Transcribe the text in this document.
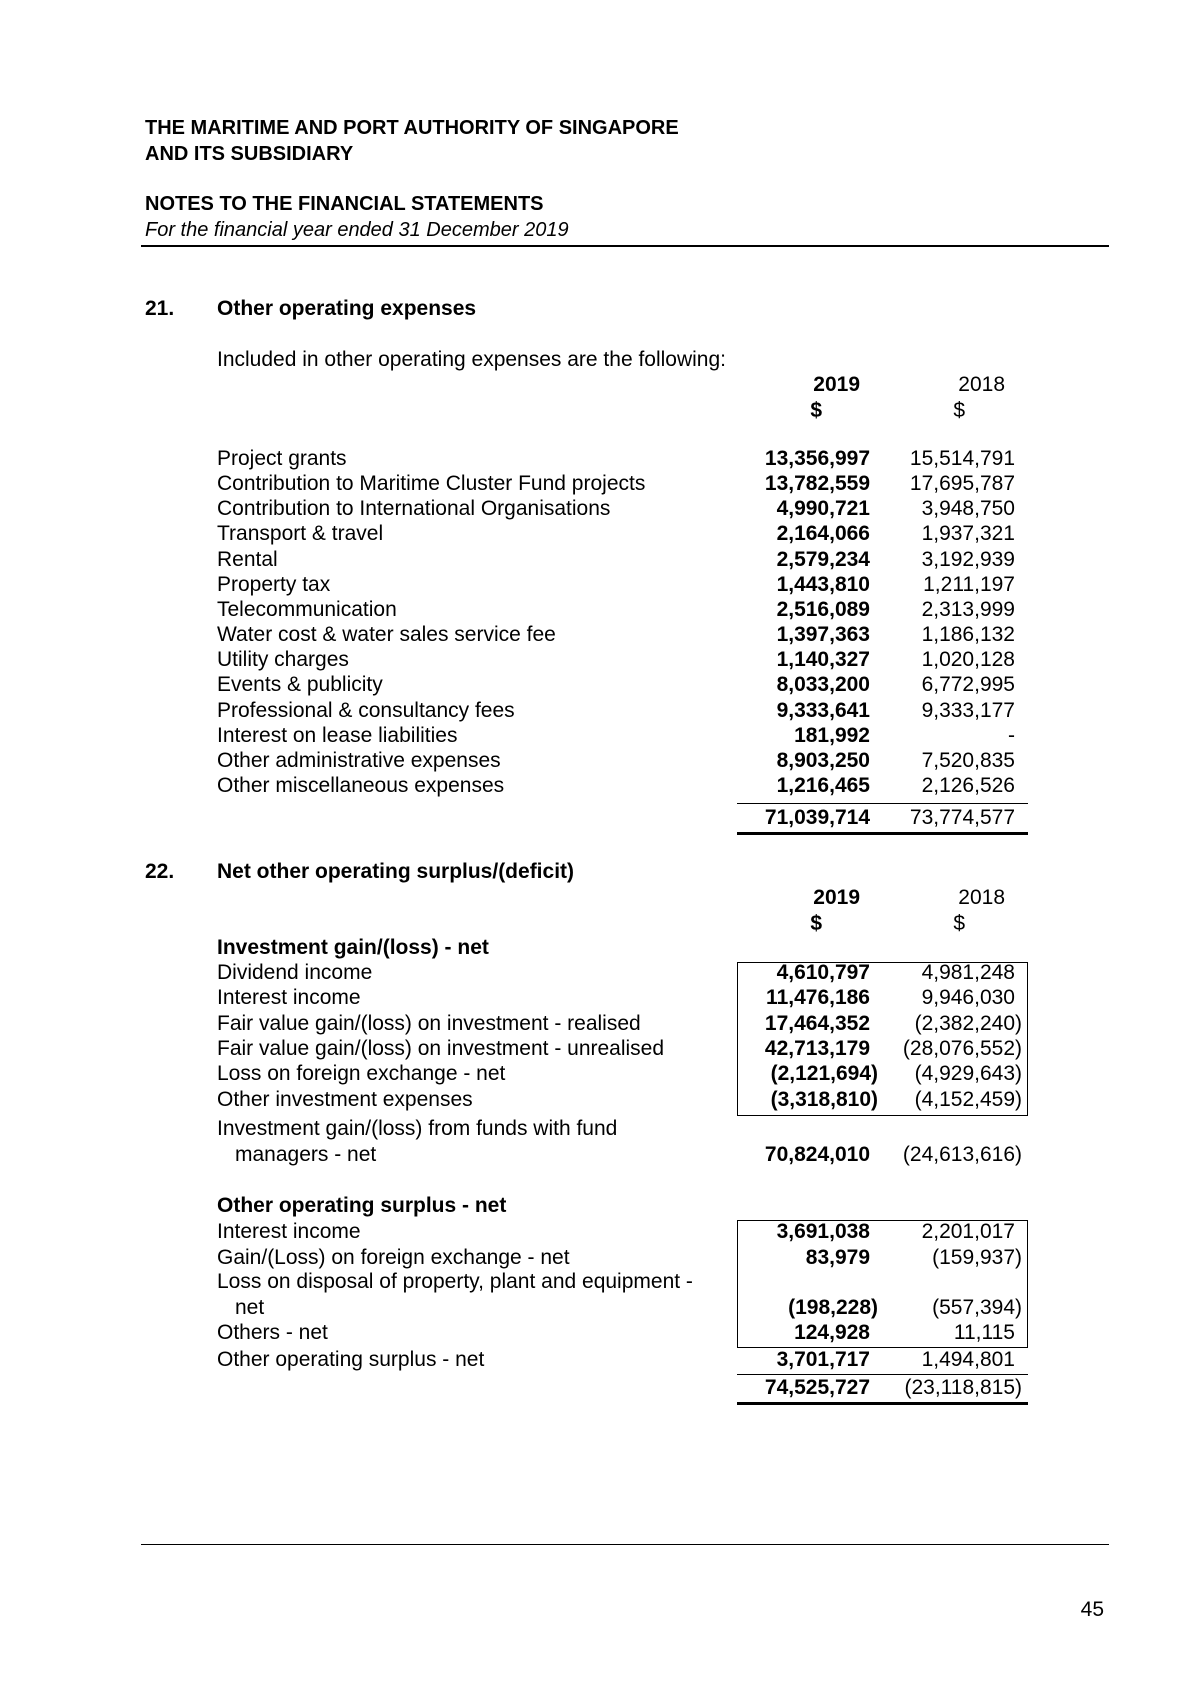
THE MARITIME AND PORT AUTHORITY OF SINGAPORE
AND ITS SUBSIDIARY
NOTES TO THE FINANCIAL STATEMENTS
For the financial year ended 31 December 2019
21. Other operating expenses
Included in other operating expenses are the following:
2019	2018
$	$
Project grants	13,356,997 15,514,791
Contribution to Maritime Cluster Fund projects	13,782,559 17,695,787
Contribution to International Organisations	4,990,721 3,948,750
Transport & travel	2,164,066 1,937,321
Rental	2,579,234 3,192,939
Property tax	1,443,810	1,211,197
Telecommunication	2,516,089 2,313,999
Water cost & water sales service fee	1,397,363 1,186,132
Utility charges	1,140,327 1,020,128
Events & publicity	8,033,200 6,772,995
Professional & consultancy fees	9,333,641 9,333,177
Interest on lease liabilities	181,992	-
Other administrative expenses	8,903,250 7,520,835
Other miscellaneous expenses	1,216,465 2,126,526
71,039,714 73,774,577
22. Net other operating surplus/(deficit)
2019	2018
$	$
Investment gain/(loss) - net
Dividend income	4,610,797 4,981,248
Interest income	11,476,186 9,946,030
Fair value gain/(loss) on investment - realised	17,464,352 (2,382,240)
Fair value gain/(loss) on investment - unrealised	42,713,179 (28,076,552)
Loss on foreign exchange - net	(2,121,694) (4,929,643)
Other investment expenses	(3,318,810) (4,152,459)
Investment gain/(loss) from funds with fund
managers - net	70,824,010 (24,613,616)
Other operating surplus - net
Interest income	3,691,038 2,201,017
Gain/(Loss) on foreign exchange - net	83,979	(159,937)
Loss on disposal of property, plant and equipment -
net	(198,228)	(557,394)
Others - net	124,928	11,115
Other operating surplus - net	3,701,717 1,494,801
74,525,727 (23,118,815)
45
